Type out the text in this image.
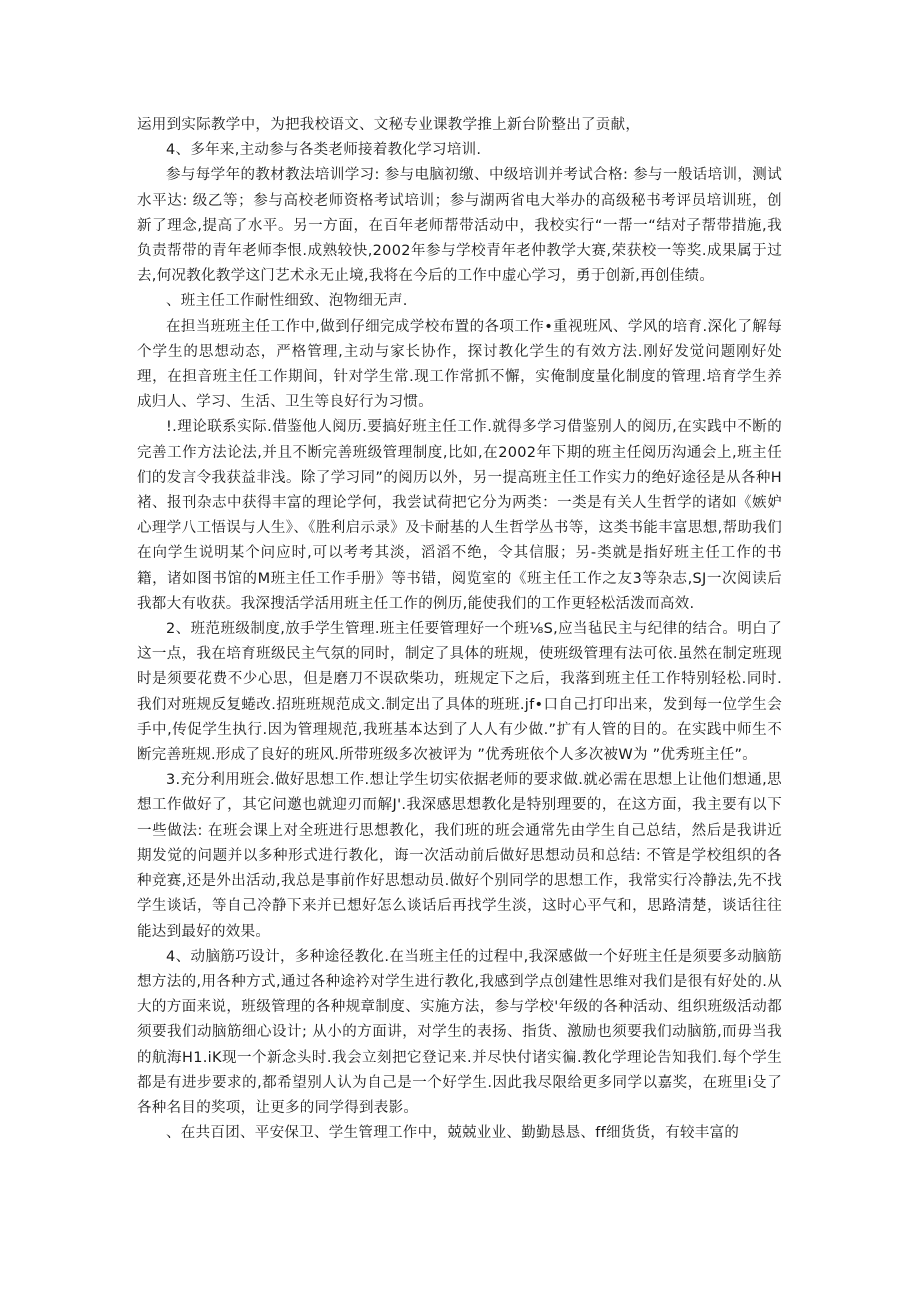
运用到实际教学中，为把我校语文、文秘专业课教学推上新台阶整出了贡献，

4、多年来,主动参与各类老师接着教化学习培训.

参与每学年的教材教法培训学习: 参与电脑初缴、中级培训并考试合格: 参与一般话培训，测试水平达: 级乙等；参与高校老师资格考试培训；参与湖两省电大举办的高级秘书考评员培训班，创新了理念,提高了水平。另一方面，在百年老师帮带活动中，我校实行“一帮一“结对子帮带措施,我负责帮带的青年老师李恨.成熟较快,2002年参与学校青年老仲教学大赛,荣获校一等奖.成果属于过去,何况教化教学这门艺术永无止境,我将在今后的工作中虚心学习，勇于创新,再创佳绩。

、班主任工作耐性细致、泡物细无声.

在担当班班主任工作中,做到仔细完成学校布置的各项工作•重视班风、学风的培育.深化了解每个学生的思想动态，严格管理,主动与家长协作，探讨教化学生的有效方法.刚好发觉问题刚好处理，在担音班主任工作期间，针对学生常.现工作常抓不懈，实俺制度量化制度的管理.培育学生养成归人、学习、生活、卫生等良好行为习惯。

!.理论联系实际.借鉴他人阅历.要搞好班主任工作.就得多学习借鉴别人的阅历,在实践中不断的完善工作方法论法,并且不断完善班级管理制度,比如,在2002年下期的班主任阅历沟通会上,班主任们的发言令我获益非浅。除了学习同”的阅历以外，另一提高班主任工作实力的绝好途径是从各种H褚、报刊杂志中获得丰富的理论学何，我尝试荷把它分为两类：一类是有关人生哲学的诸如《嫉妒心理学八工悟误与人生》、《胜利启示录》及卡耐基的人生哲学丛书等，这类书能丰富思想,帮助我们在向学生说明某个问应时,可以考考其淡，滔滔不绝，令其信服；另-类就是指好班主任工作的书籍，诸如图书馆的M班主任工作手册》等书错，阅览室的《班主任工作之友3等杂志,SJ一次阅读后我都大有收获。我深搜活学活用班主任工作的例历,能使我们的工作更轻松活泼而高效.

2、班范班级制度,放手学生管理.班主任要管理好一个班⅛S,应当毡民主与纪律的结合。明白了这一点，我在培育班级民主气氛的同时，制定了具体的班规，使班级管理有法可依.虽然在制定班现时是须要花费不少心思，但是磨刀不误砍柴功，班规定下之后，我落到班主任工作特别轻松.同时.我们对班规反复蜷改.招班班规范成文.制定出了具体的班班.jf•口自己打印出来，发到每一位学生会手中,传促学生执行.因为管理规范,我班基本达到了人人有少做.”扩有人管的目的。在实践中师生不断完善班规.形成了良好的班风.所带班级多次被评为 ”优秀班依个人多次被W为 ”优秀班主任”。

3.充分利用班会.做好思想工作.想让学生切实依据老师的要求做.就必需在思想上让他们想通,思想工作做好了，其它问邀也就迎刃而解J'.我深感思想教化是特别理要的，在这方面，我主要有以下一些做法: 在班会课上对全班进行思想教化，我们班的班会通常先由学生自己总结，然后是我讲近期发觉的问题并以多种形式进行教化，诲一次活动前后做好思想动员和总结: 不管是学校组织的各种竞赛,还是外出活动,我总是事前作好思想动员.做好个别同学的思想工作，我常实行冷静法,先不找学生谈话，等自己冷静下来并已想好怎么谈话后再找学生淡，这时心平气和，思路清楚，谈话往往能达到最好的效果。

4、动脑筋巧设计，多种途径教化.在当班主任的过程中,我深感做一个好班主任是须要多动脑筋想方法的,用各种方式,通过各种途衿对学生进行教化,我感到学点创建性思维对我们是很有好处的.从大的方面来说，班级管理的各种规章制度、实施方法，参与学校'年级的各种活动、组织班级活动都须要我们动脑筋细心设计; 从小的方面讲，对学生的表扬、指货、激励也须要我们动脑筋,而毋当我的航海H1.iK现一个新念头时.我会立刻把它登记来.并尽快付诸实徧.教化学理论告知我们.每个学生都是有进步要求的,都希望别人认为自己是一个好学生.因此我尽限给更多同学以嘉奖，在班里i殳了各种名目的奖项，让更多的同学得到表影。

、在共百团、平安保卫、学生管理工作中，兢兢业业、勤勤恳恳、ff细货货，有较丰富的
